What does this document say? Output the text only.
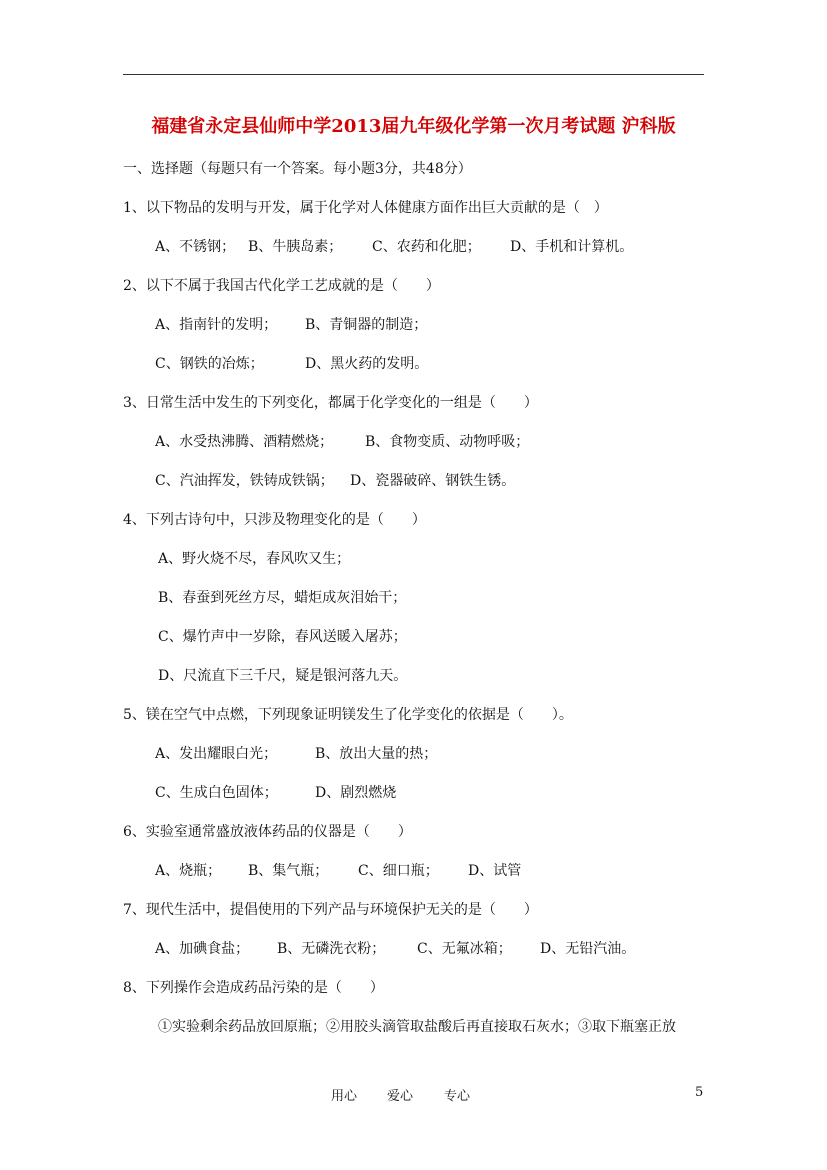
福建省永定县仙师中学2013届九年级化学第一次月考试题 沪科版
一、选择题（每题只有一个答案。每小题3分，共48分）
1、以下物品的发明与开发，属于化学对人体健康方面作出巨大贡献的是（　）
A、不锈钢； B、牛胰岛素； C、农药和化肥； D、手机和计算机。
2、以下不属于我国古代化学工艺成就的是（　　）
A、指南针的发明； B、青铜器的制造；
C、钢铁的冶炼；	D、黑火药的发明。
3、日常生活中发生的下列变化，都属于化学变化的一组是（　　）
A、水受热沸腾、酒精燃烧； B、食物变质、动物呼吸；
C、汽油挥发，铁铸成铁锅； D、瓷器破碎、钢铁生锈。
4、下列古诗句中，只涉及物理变化的是（　　）
A、野火烧不尽，春风吹又生；
B、春蚕到死丝方尽，蜡炬成灰泪始干；
C、爆竹声中一岁除，春风送暖入屠苏；
D、尺流直下三千尺，疑是银河落九天。
5、镁在空气中点燃，下列现象证明镁发生了化学变化的依据是（　　）。
A、发出耀眼白光；	B、放出大量的热；
C、生成白色固体；	D、剧烈燃烧
6、实验室通常盛放液体药品的仪器是（　　）
A、烧瓶； B、集气瓶； C、细口瓶； D、试管
7、现代生活中，提倡使用的下列产品与环境保护无关的是（　　）
A、加碘食盐； B、无磷洗衣粉； C、无氟冰箱； D、无铅汽油。
8、下列操作会造成药品污染的是（　　）
①实验剩余药品放回原瓶；②用胶头滴管取盐酸后再直接取石灰水；③取下瓶塞正放
用心 爱心 专心	5
